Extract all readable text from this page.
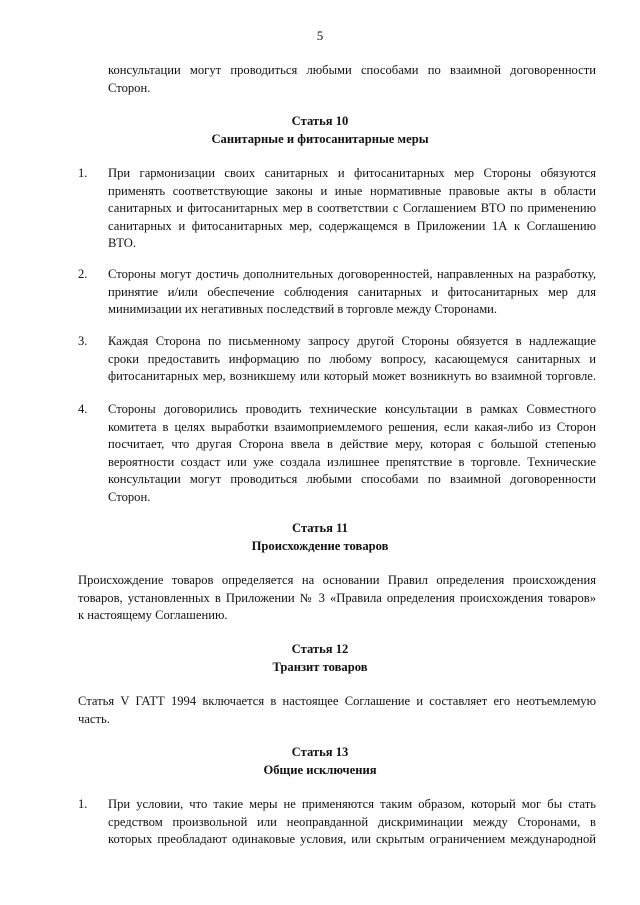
5

консультации могут проводиться любыми способами по взаимной договоренности
Сторон.

Статья 10
Санитарные и фитосанитарные меры
1. При гармонизации своих санитарных и фитосанитарных мер Стороны обязуются
применять соответствующие законы и иные нормативные правовые акты в области
санитарных и фитосанитарных мер в соответствии с Соглашением ВТО по применению
санитарных и фитосанитарных мер, содержащемся в Приложении 1А к Соглашению
ВТО.
2. Стороны могут достичь дополнительных договоренностей, направленных на разработку,
принятие и/или обеспечение соблюдения санитарных и фитосанитарных мер для
минимизации их негативных последствий в торговле между Сторонами.
3. Каждая Сторона по письменному запросу другой Стороны обязуется в надлежащие
сроки предоставить информацию по любому вопросу, касающемуся санитарных и
фитосанитарных мер, возникшему или который может возникнуть во взаимной торговле.
4. Стороны договорились проводить технические консультации в рамках Совместного
комитета в целях выработки взаимоприемлемого решения, если какая-либо из Сторон
посчитает, что другая Сторона ввела в действие меру, которая с большой степенью
вероятности создаст или уже создала излишнее препятствие в торговле. Технические
консультации могут проводиться любыми способами по взаимной договоренности
Сторон.
Статья 11
Происхождение товаров

Происхождение товаров определяется на основании Правил определения происхождения
товаров, установленных в Приложении № 3 «Правила определения происхождения товаров»
к настоящему Соглашению.

Статья 12
Транзит товаров

Статья V ГАТТ 1994 включается в настоящее Соглашение и составляет его неотъемлемую
часть.

Статья 13
Общие исключения
1. При условии, что такие меры не применяются таким образом, который мог бы стать
средством произвольной или неоправданной дискриминации между Сторонами, в
которых преобладают одинаковые условия, или скрытым ограничением международной
